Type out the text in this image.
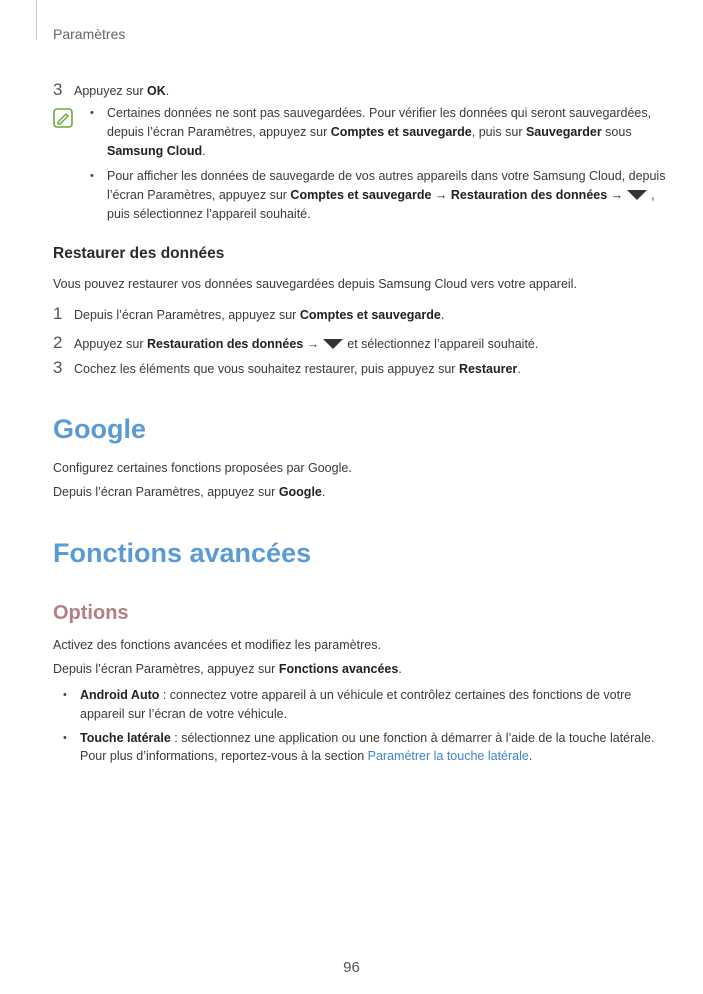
Paramètres
3 Appuyez sur OK.
• Certaines données ne sont pas sauvegardées. Pour vérifier les données qui seront sauvegardées,
depuis l’écran Paramètres, appuyez sur Comptes et sauvegarde, puis sur Sauvegarder sous
Samsung Cloud.
• Pour afficher les données de sauvegarde de vos autres appareils dans votre Samsung Cloud, depuis
l’écran Paramètres, appuyez sur Comptes et sauvegarde → Restauration des données → ,
puis sélectionnez l’appareil souhaité.
Restaurer des données
Vous pouvez restaurer vos données sauvegardées depuis Samsung Cloud vers votre appareil.
1 Depuis l’écran Paramètres, appuyez sur Comptes et sauvegarde.
2 Appuyez sur Restauration des données → et sélectionnez l’appareil souhaité.
3 Cochez les éléments que vous souhaitez restaurer, puis appuyez sur Restaurer.
Google
Configurez certaines fonctions proposées par Google.
Depuis l’écran Paramètres, appuyez sur Google.
Fonctions avancées
Options
Activez des fonctions avancées et modifiez les paramètres.
Depuis l’écran Paramètres, appuyez sur Fonctions avancées.
• Android Auto : connectez votre appareil à un véhicule et contrôlez certaines des fonctions de votre
appareil sur l’écran de votre véhicule.
• Touche latérale : sélectionnez une application ou une fonction à démarrer à l’aide de la touche latérale.
Pour plus d’informations, reportez-vous à la section Paramétrer la touche latérale.
96
